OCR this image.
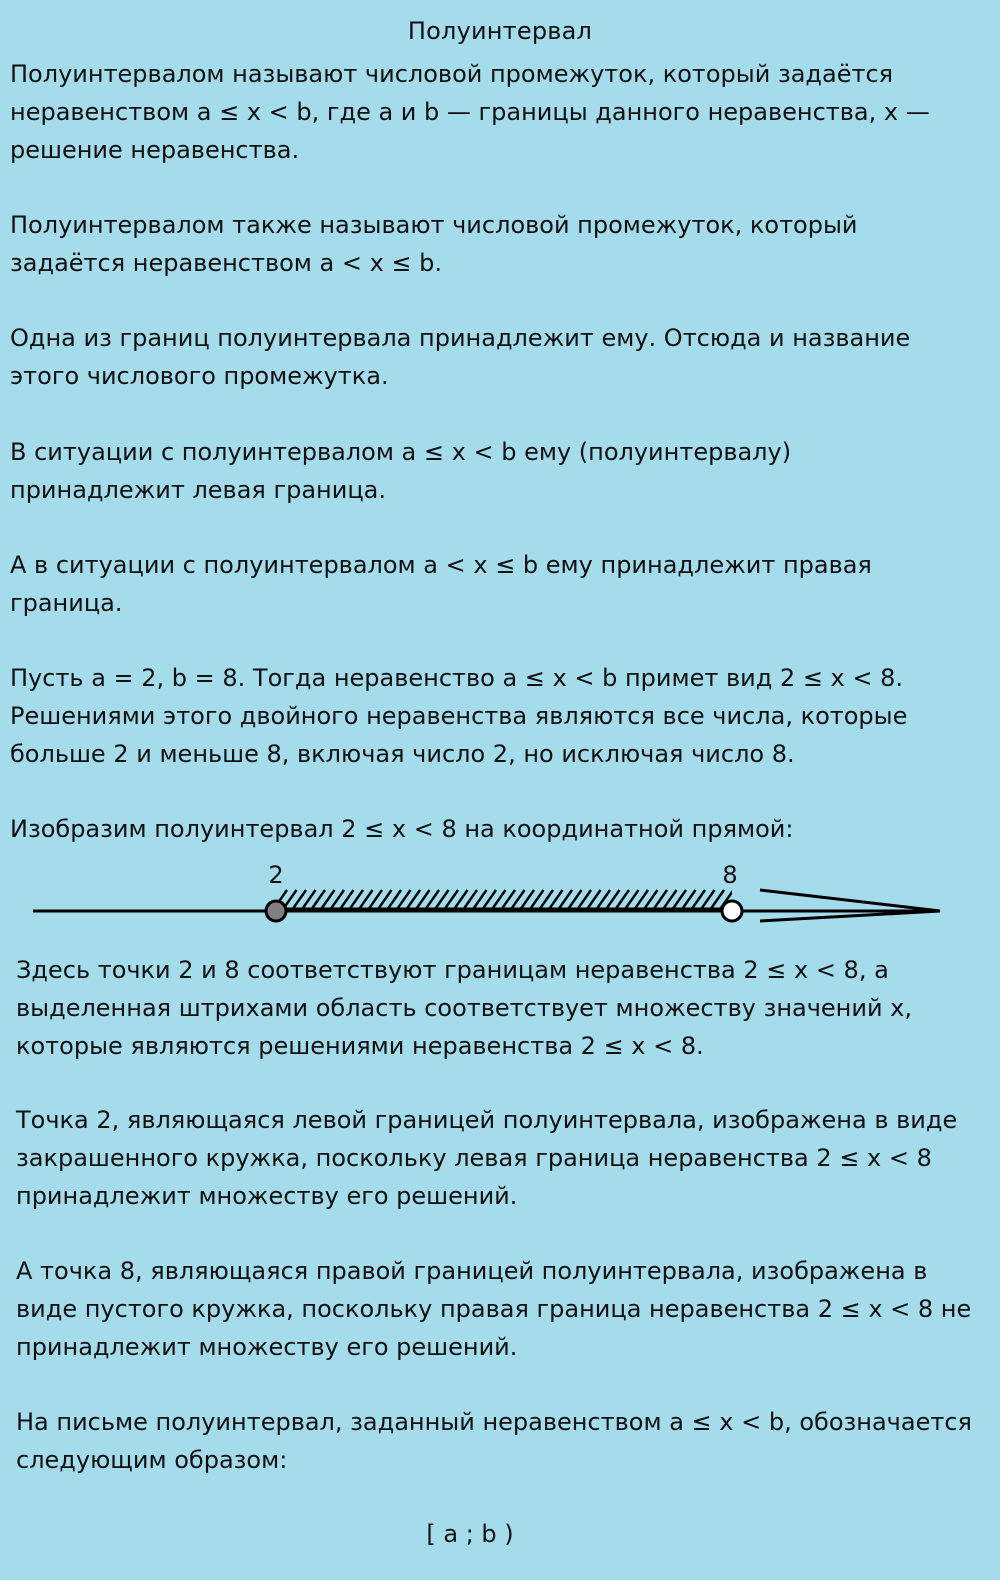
Полуинтервал

Полуинтервалом называют числовой промежуток, который задаётся
неравенством a ≤ x < b, где a и b — границы данного неравенства, x —
решение неравенства.

Полуинтервалом также называют числовой промежуток, который
задаётся неравенством a < x ≤ b.

Одна из границ полуинтервала принадлежит ему. Отсюда и название
этого числового промежутка.

В ситуации с полуинтервалом a ≤ x < b ему (полуинтервалу)
принадлежит левая граница.

А в ситуации с полуинтервалом a < x ≤ b ему принадлежит правая
граница.

Пусть a = 2, b = 8. Тогда неравенство a ≤ x < b примет вид 2 ≤ x < 8.
Решениями этого двойного неравенства являются все числа, которые
больше 2 и меньше 8, включая число 2, но исключая число 8.

Изобразим полуинтервал 2 ≤ x < 8 на координатной прямой:

2	8

Здесь точки 2 и 8 соответствуют границам неравенства 2 ≤ x < 8, а
выделенная штрихами область соответствует множеству значений x,
которые являются решениями неравенства 2 ≤ x < 8.

Точка 2, являющаяся левой границей полуинтервала, изображена в виде
закрашенного кружка, поскольку левая граница неравенства 2 ≤ x < 8
принадлежит множеству его решений.

А точка 8, являющаяся правой границей полуинтервала, изображена в
виде пустого кружка, поскольку правая граница неравенства 2 ≤ x < 8 не
принадлежит множеству его решений.

На письме полуинтервал, заданный неравенством a ≤ x < b, обозначается
следующим образом:

[ a ; b )
